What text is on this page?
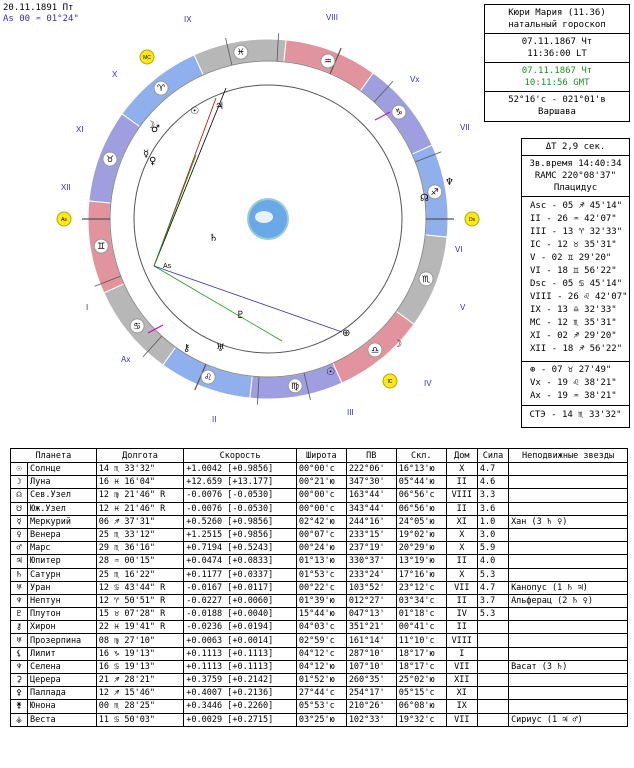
20.11.1891 Пт
As 00 ♒ 01°24"
I
II
III
IV
V
VI
VII
VIII
IX
X
XI
XII
As	Ds
MC
IC
Vx
Ax
As
♎
♏
♐
♑
♒
♓
♈
♉
♊
♋
♌
♍
☉
☽
♂
♀
☿
♃
♄
⚷
♇
♅
♆
☊
⊕
☉
☽
Кюри Мария (11.36)
натальный гороскоп
07.11.1867 Чт
11:36:00 LT
07.11.1867 Чт
10:11:56 GMT
52°16'с - 021°01'в
Варшава
ΔT 2,9 сек.
Зв.время 14:40:34
RAMC 220°08'37"
Плацидус
Asc - 05 ♐ 45'14"
II - 26 ♒ 42'07"
III - 13 ♈ 32'33"
IC - 12 ♉ 35'31"
V - 02 ♊ 29'20"
VI - 18 ♊ 56'22"
Dsc - 05 ♋ 45'14"
VIII - 26 ♌ 42'07"
IX - 13 ♎ 32'33"
MC - 12 ♏ 35'31"
XI - 02 ♐ 29'20"
XII - 18 ♐ 56'22"
⊕ - 07 ♉ 27'49"
Vx - 19 ♌ 38'21"
Ax - 19 ♒ 38'21"
СТЭ - 14 ♏ 33'32"
Планета		Долгота	Скорость	Широта	ПВ	Скл.	Дом	Сила	Неподвижные звезды
☉	Солнце	14 ♏ 33'32"	+1.0042 [+0.9856]	00°00'с	222°06'	16°13'ю	X	4.7	
☽	Луна	16 ♓ 16'04"	+12.659 [+13.177]	00°21'ю	347°30'	05°44'ю	II	4.6	
☊	Сев.Узел	12 ♍ 21'46" R	-0.0076 [-0.0530]	00°00'с	163°44'	06°56'с	VIII	3.3	
☋	Юж.Узел	12 ♓ 21'46" R	-0.0076 [-0.0530]	00°00'с	343°44'	06°56'ю	II	3.6	
☿	Меркурий	06 ♐ 37'31"	+0.5260 [+0.9856]	02°42'ю	244°16'	24°05'ю	XI	1.0	Хан (3 ♄ ♀)
♀	Венера	25 ♏ 33'12"	+1.2515 [+0.9856]	00°07'с	233°15'	19°02'ю	X	3.0	
♂	Марс	29 ♏ 36'16"	+0.7194 [+0.5243]	00°24'ю	237°19'	20°29'ю	X	5.9	
♃	Юпитер	28 ♒ 00'15"	+0.0474 [+0.0833]	01°13'ю	330°37'	13°19'ю	II	4.0	
♄	Сатурн	25 ♏ 16'22"	+0.1177 [+0.0337]	01°53'с	233°24'	17°16'ю	X	5.3	
♅	Уран	12 ♋ 43'44" R	-0.0167 [+0.0117]	00°22'с	103°52'	23°12'с	VII	4.7	Канопус (1 ♄ ♃)
♆	Нептун	12 ♈ 50'51" R	-0.0227 [+0.0060]	01°39'ю	012°27'	03°34'с	II	3.7	Альферац (2 ♄ ♀)
♇	Плутон	15 ♉ 07'28" R	-0.0188 [+0.0040]	15°44'ю	047°13'	01°18'с	IV	5.3	
⚷	Хирон	22 ♓ 19'41" R	-0.0236 [+0.0194]	04°03'с	351°21'	00°41'с	II		
♅	Прозерпина	08 ♍ 27'10"	+0.0063 [+0.0014]	02°59'с	161°14'	11°10'с	VIII		
⚸	Лилит	16 ♑ 19'13"	+0.1113 [+0.1113]	04°12'с	287°10'	18°17'ю	I		
♆	Селена	16 ♋ 19'13"	+0.1113 [+0.1113]	04°12'ю	107°10'	18°17'с	VII		Васат (3 ♄)
⚳	Церера	21 ♐ 28'21"	+0.3759 [+0.2142]	01°52'ю	260°35'	25°02'ю	XII		
⚴	Паллада	12 ♐ 15'46"	+0.4007 [+0.2136]	27°44'с	254°17'	05°15'с	XI		
⚵	Юнона	00 ♏ 28'25"	+0.3446 [+0.2260]	05°53'с	210°26'	06°08'ю	IX		
⚶	Веста	11 ♋ 50'03"	+0.0029 [+0.2715]	03°25'ю	102°33'	19°32'с	VII		Сириус (1 ♃ ♂)
